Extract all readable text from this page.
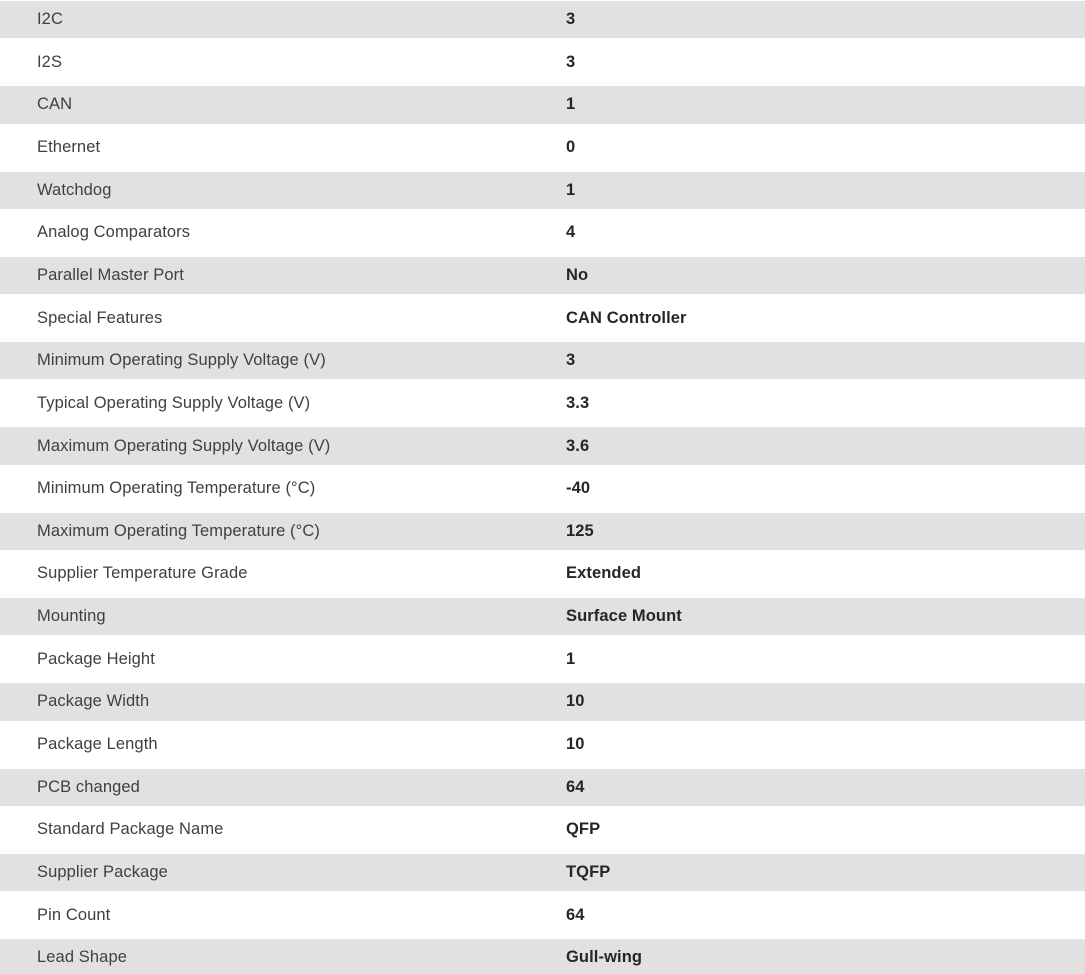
I2C	3
I2S	3
CAN	1
Ethernet	0
Watchdog	1
Analog Comparators	4
Parallel Master Port	No
Special Features	CAN Controller
Minimum Operating Supply Voltage (V)	3
Typical Operating Supply Voltage (V)	3.3
Maximum Operating Supply Voltage (V)	3.6
Minimum Operating Temperature (°C)	-40
Maximum Operating Temperature (°C)	125
Supplier Temperature Grade	Extended
Mounting	Surface Mount
Package Height	1
Package Width	10
Package Length	10
PCB changed	64
Standard Package Name	QFP
Supplier Package	TQFP
Pin Count	64
Lead Shape	Gull-wing
